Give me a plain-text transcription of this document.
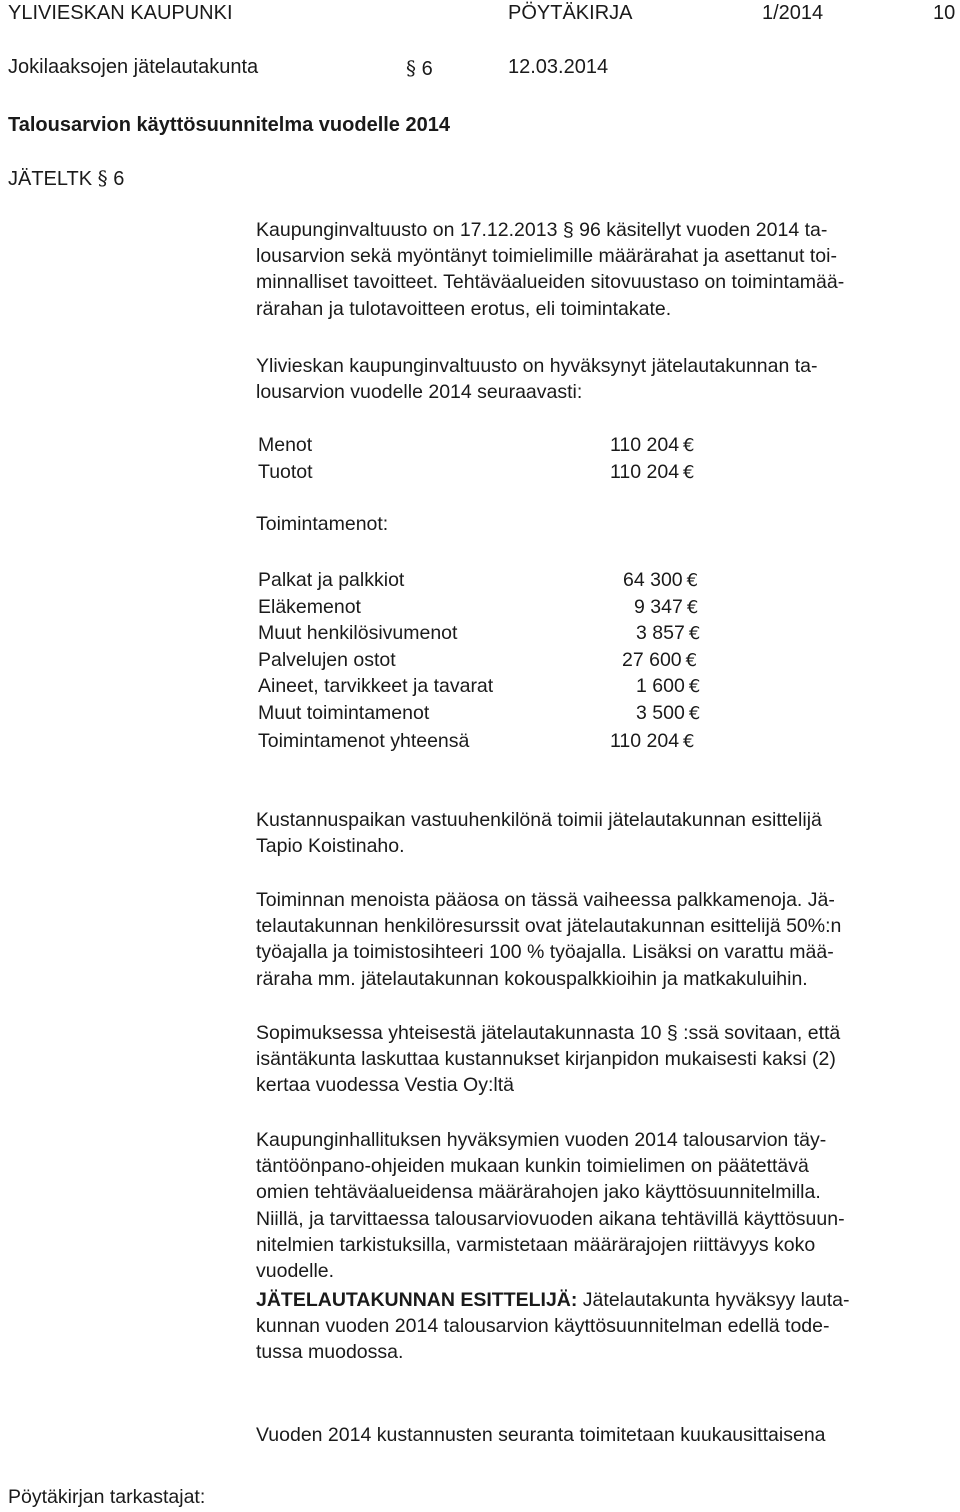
YLIVIESKAN KAUPUNKI	PÖYTÄKIRJA	1/2014	10
Jokilaaksojen jätelautakunta	§ 6	12.03.2014
Talousarvion käyttösuunnitelma vuodelle 2014
JÄTELTK § 6
Kaupunginvaltuusto on 17.12.2013 § 96 käsitellyt vuoden 2014 ta-
lousarvion sekä myöntänyt toimielimille määrärahat ja asettanut toi-
minnalliset tavoitteet. Tehtäväalueiden sitovuustaso on toimintamää-
rärahan ja tulotavoitteen erotus, eli toimintakate.
Ylivieskan kaupunginvaltuusto on hyväksynyt jätelautakunnan ta-
lousarvion vuodelle 2014 seuraavasti:
Menot	110 204 €
Tuotot	110 204 €
Toimintamenot:
Palkat ja palkkiot	64 300 €
Eläkemenot	9 347 €
Muut henkilösivumenot	3 857 €
Palvelujen ostot	27 600 €
Aineet, tarvikkeet ja tavarat	1 600 €
Muut toimintamenot	3 500 €
Toimintamenot yhteensä	110 204 €
Kustannuspaikan vastuuhenkilönä toimii jätelautakunnan esittelijä
Tapio Koistinaho.
Toiminnan menoista pääosa on tässä vaiheessa palkkamenoja. Jä-
telautakunnan henkilöresurssit ovat jätelautakunnan esittelijä 50%:n
työajalla ja toimistosihteeri 100 % työajalla. Lisäksi on varattu mää-
räraha mm. jätelautakunnan kokouspalkkioihin ja matkakuluihin.
Sopimuksessa yhteisestä jätelautakunnasta 10 § :ssä sovitaan, että
isäntäkunta laskuttaa kustannukset kirjanpidon mukaisesti kaksi (2)
kertaa vuodessa Vestia Oy:ltä
Kaupunginhallituksen hyväksymien vuoden 2014 talousarvion täy-
täntöönpano-ohjeiden mukaan kunkin toimielimen on päätettävä
omien tehtäväalueidensa määrärahojen jako käyttösuunnitelmilla.
Niillä, ja tarvittaessa talousarviovuoden aikana tehtävillä käyttösuun-
nitelmien tarkistuksilla, varmistetaan määrärajojen riittävyys koko
vuodelle.
JÄTELAUTAKUNNAN ESITTELIJÄ: Jätelautakunta hyväksyy lauta-
kunnan vuoden 2014 talousarvion käyttösuunnitelman edellä tode-
tussa muodossa.
Vuoden 2014 kustannusten seuranta toimitetaan kuukausittaisena
Pöytäkirjan tarkastajat:
